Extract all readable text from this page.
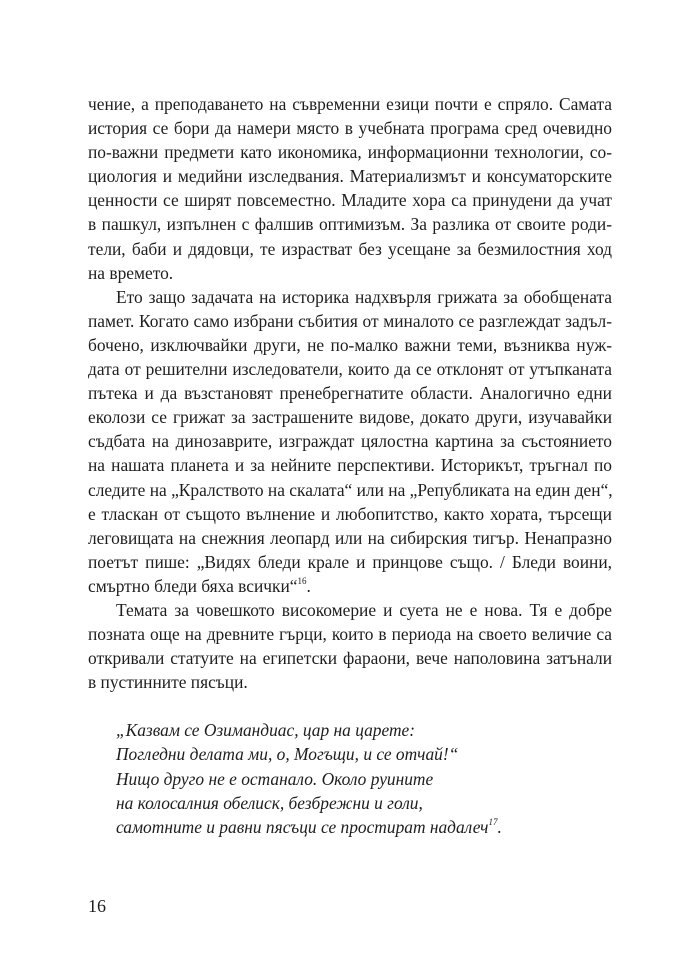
чение, а преподаването на съвременни езици почти е спряло. Самата
история се бори да намери място в учебната програма сред очевидно
по-важни предмети като икономика, информационни технологии, со-
циология и медийни изследвания. Материализмът и консуматорските
ценности се ширят повсеместно. Младите хора са принудени да учат
в пашкул, изпълнен с фалшив оптимизъм. За разлика от своите роди-
тели, баби и дядовци, те израстват без усещане за безмилостния ход
на времето.
Ето защо задачата на историка надхвърля грижата за обобщената
памет. Когато само избрани събития от миналото се разглеждат задъл-
бочено, изключвайки други, не по-малко важни теми, възниква нуж-
дата от решителни изследователи, които да се отклонят от утъпканата
пътека и да възстановят пренебрегнатите области. Аналогично едни
еколози се грижат за застрашените видове, докато други, изучавайки
съдбата на динозаврите, изграждат цялостна картина за състоянието
на нашата планета и за нейните перспективи. Историкът, тръгнал по
следите на „Кралството на скалата“ или на „Републиката на един ден“,
е тласкан от същото вълнение и любопитство, както хората, търсещи
леговищата на снежния леопард или на сибирския тигър. Ненапразно
поетът пише: „Видях бледи крале и принцове също. / Бледи воини,
смъртно бледи бяха всички“$^{16}$.
Темата за човешкото високомерие и суета не е нова. Тя е добре
позната още на древните гърци, които в периода на своето величие са
откривали статуите на египетски фараони, вече наполовина затънали
в пустинните пясъци.
„Казвам се Озимандиас, цар на царете:
Погледни делата ми, о, Могъщи, и се отчай!“
Нищо друго не е останало. Около руините
на колосалния обелиск, безбрежни и голи,
самотните и равни пясъци се простират надалеч$^{17}$.
16
